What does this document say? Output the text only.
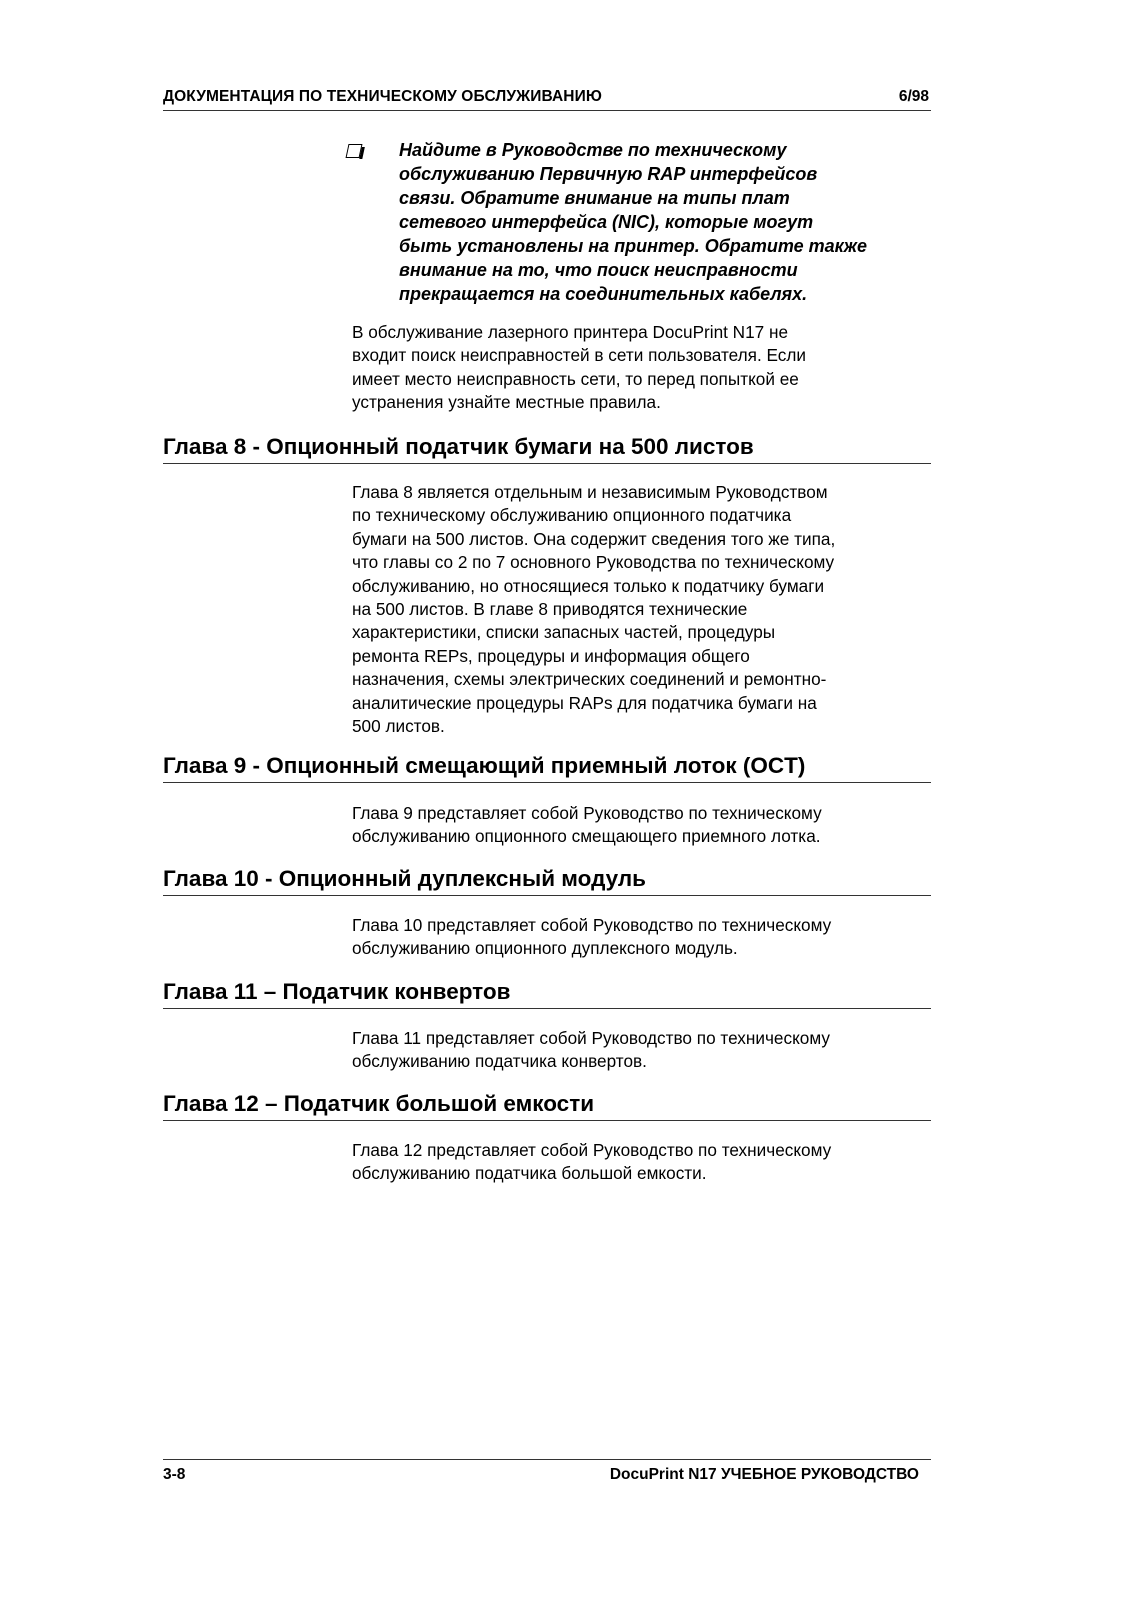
ДОКУМЕНТАЦИЯ ПО ТЕХНИЧЕСКОМУ ОБСЛУЖИВАНИЮ	6/98
Найдите в Руководстве по техническому
обслуживанию Первичную RAP интерфейсов
связи. Обратите внимание на типы плат
сетевого интерфейса (NIC), которые могут
быть установлены на принтер. Обратите также
внимание на то, что поиск неисправности
прекращается на соединительных кабелях.
В обслуживание лазерного принтера DocuPrint N17 не
входит поиск неисправностей в сети пользователя. Если
имеет место неисправность сети, то перед попыткой ее
устранения узнайте местные правила.
Глава 8 - Опционный податчик бумаги на 500 листов
Глава 8 является отдельным и независимым Руководством
по техническому обслуживанию опционного податчика
бумаги на 500 листов. Она содержит сведения того же типа,
что главы со 2 по 7 основного Руководства по техническому
обслуживанию, но относящиеся только к податчику бумаги
на 500 листов. В главе 8 приводятся технические
характеристики, списки запасных частей, процедуры
ремонта REPs, процедуры и информация общего
назначения, схемы электрических соединений и ремонтно-
аналитические процедуры RAPs для податчика бумаги на
500 листов.
Глава 9 - Опционный смещающий приемный лоток (OCT)
Глава 9 представляет собой Руководство по техническому
обслуживанию опционного смещающего приемного лотка.
Глава 10 - Опционный дуплексный модуль
Глава 10 представляет собой Руководство по техническому
обслуживанию опционного дуплексного модуль.
Глава 11 – Податчик конвертов
Глава 11 представляет собой Руководство по техническому
обслуживанию податчика конвертов.
Глава 12 – Податчик большой емкости
Глава 12 представляет собой Руководство по техническому
обслуживанию податчика большой емкости.
3-8	DocuPrint N17 УЧЕБНОЕ РУКОВОДСТВО
